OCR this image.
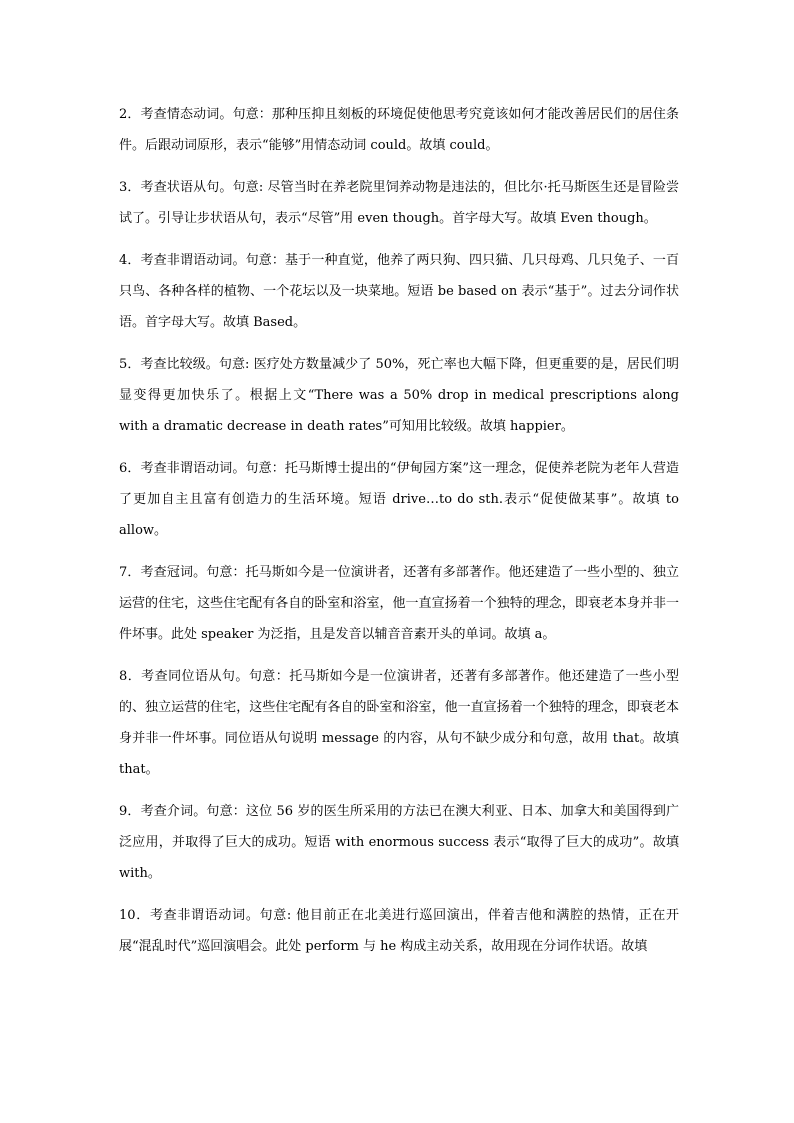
2．考查情态动词。句意：那种压抑且刻板的环境促使他思考究竟该如何才能改善居民们的居住条件。后跟动词原形，表示“能够”用情态动词 could。故填 could。

3．考查状语从句。句意: 尽管当时在养老院里饲养动物是违法的，但比尔·托马斯医生还是冒险尝试了。引导让步状语从句，表示“尽管”用 even though。首字母大写。故填 Even though。

4．考查非谓语动词。句意：基于一种直觉，他养了两只狗、四只猫、几只母鸡、几只兔子、一百只鸟、各种各样的植物、一个花坛以及一块菜地。短语 be based on 表示“基于”。过去分词作状语。首字母大写。故填 Based。

5．考查比较级。句意: 医疗处方数量减少了 50%，死亡率也大幅下降，但更重要的是，居民们明显变得更加快乐了。根据上文“There was a 50% drop in medical prescriptions along with a dramatic decrease in death rates”可知用比较级。故填 happier。

6．考查非谓语动词。句意：托马斯博士提出的“伊甸园方案”这一理念，促使养老院为老年人营造了更加自主且富有创造力的生活环境。短语 drive…to do sth.表示“促使做某事”。故填 to allow。

7．考查冠词。句意：托马斯如今是一位演讲者，还著有多部著作。他还建造了一些小型的、独立运营的住宅，这些住宅配有各自的卧室和浴室，他一直宣扬着一个独特的理念，即衰老本身并非一件坏事。此处 speaker 为泛指，且是发音以辅音音素开头的单词。故填 a。

8．考查同位语从句。句意：托马斯如今是一位演讲者，还著有多部著作。他还建造了一些小型的、独立运营的住宅，这些住宅配有各自的卧室和浴室，他一直宣扬着一个独特的理念，即衰老本身并非一件坏事。同位语从句说明 message 的内容，从句不缺少成分和句意，故用 that。故填 that。

9．考查介词。句意：这位 56 岁的医生所采用的方法已在澳大利亚、日本、加拿大和美国得到广泛应用，并取得了巨大的成功。短语 with enormous success 表示“取得了巨大的成功”。故填 with。

10．考查非谓语动词。句意: 他目前正在北美进行巡回演出，伴着吉他和满腔的热情，正在开展“混乱时代”巡回演唱会。此处 perform 与 he 构成主动关系，故用现在分词作状语。故填
